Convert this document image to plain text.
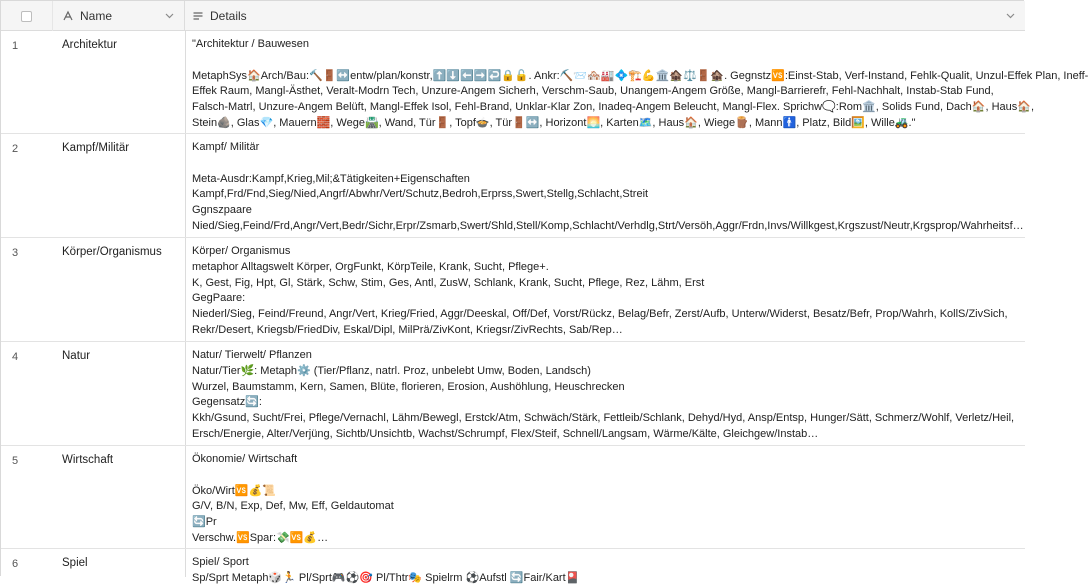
Name	Details
1	Architektur	"Architektur / Bauwesen
MetaphSys🏠Arch/Bau:🔨🚪↔️entw/plan/konstr,⬆️⬇️⬅️➡️↩️🔒🔓. Ankr:⛏️📨🏘️🏭💠🏗️💪🏛️🏚️⚖️🚪🏚️. Gegnstz🆚:Einst-Stab, Verf-Instand, Fehlk-Qualit, Unzul-Effek Plan, Ineff-
Effek Raum, Mangl-Ästhet, Veralt-Modrn Tech, Unzure-Angem Sicherh, Verschm-Saub, Unangem-Angem Größe, Mangl-Barrierefr, Fehl-Nachhalt, Instab-Stab Fund,
Falsch-Matrl, Unzure-Angem Belüft, Mangl-Effek Isol, Fehl-Brand, Unklar-Klar Zon, Inadeq-Angem Beleucht, Mangl-Flex. Sprichw🗨️:Rom🏛️, Solids Fund, Dach🏠, Haus🏠,
Stein🪨, Glas💎, Mauern🧱, Wege🛣️, Wand, Tür🚪, Topf🍲, Tür🚪↔️, Horizont🌅, Karten🗺️, Haus🏠, Wiege🪵, Mann🚹, Platz, Bild🖼️, Wille🚜."
2	Kampf/Militär	Kampf/ Militär
Meta-Ausdr:Kampf,Krieg,Mil;&Tätigkeiten+Eigenschaften
Kampf,Frd/Fnd,Sieg/Nied,Angrf/Abwhr/Vert/Schutz,Bedroh,Erprss,Swert,Stellg,Schlacht,Streit
Ggnszpaare
Nied/Sieg,Feind/Frd,Angr/Vert,Bedr/Sichr,Erpr/Zsmarb,Swert/Shld,Stell/Komp,Schlacht/Verhdlg,Strt/Versöh,Aggr/Frdn,Invs/Willkgest,Krgszust/Neutr,Krgsprop/Wahrheitsf…
3	Körper/Organismus	Körper/ Organismus
metaphor Alltagswelt Körper, OrgFunkt, KörpTeile, Krank, Sucht, Pflege+.
K, Gest, Fig, Hpt, Gl, Stärk, Schw, Stim, Ges, Antl, ZusW, Schlank, Krank, Sucht, Pflege, Rez, Lähm, Erst
GegPaare:
Niederl/Sieg, Feind/Freund, Angr/Vert, Krieg/Fried, Aggr/Deeskal, Off/Def, Vorst/Rückz, Belag/Befr, Zerst/Aufb, Unterw/Widerst, Besatz/Befr, Prop/Wahrh, KollS/ZivSich,
Rekr/Desert, Kriegsb/FriedDiv, Eskal/Dipl, MilPrä/ZivKont, Kriegsr/ZivRechts, Sab/Rep…
4	Natur	Natur/ Tierwelt/ Pflanzen
Natur/Tier🌿: Metaph⚙️ (Tier/Pflanz, natrl. Proz, unbelebt Umw, Boden, Landsch)
Wurzel, Baumstamm, Kern, Samen, Blüte, florieren, Erosion, Aushöhlung, Heuschrecken
Gegensatz🔄:
Kkh/Gsund, Sucht/Frei, Pflege/Vernachl, Lähm/Bewegl, Erstck/Atm, Schwäch/Stärk, Fettleib/Schlank, Dehyd/Hyd, Ansp/Entsp, Hunger/Sätt, Schmerz/Wohlf, Verletz/Heil,
Ersch/Energie, Alter/Verjüng, Sichtb/Unsichtb, Wachst/Schrumpf, Flex/Steif, Schnell/Langsam, Wärme/Kälte, Gleichgew/Instab…
5	Wirtschaft	Ökonomie/ Wirtschaft
Öko/Wirt🆚💰📜
G/V, B/N, Exp, Def, Mw, Eff, Geldautomat
🔄Pr
Verschw.🆚Spar:💸🆚💰…
6	Spiel	Spiel/ Sport
Sp/Sprt Metaph🎲🏃 Pl/Sprt🎮⚽🎯 Pl/Thtr🎭 Spielrm ⚽Aufstl 🔄Fair/Kart🎴
